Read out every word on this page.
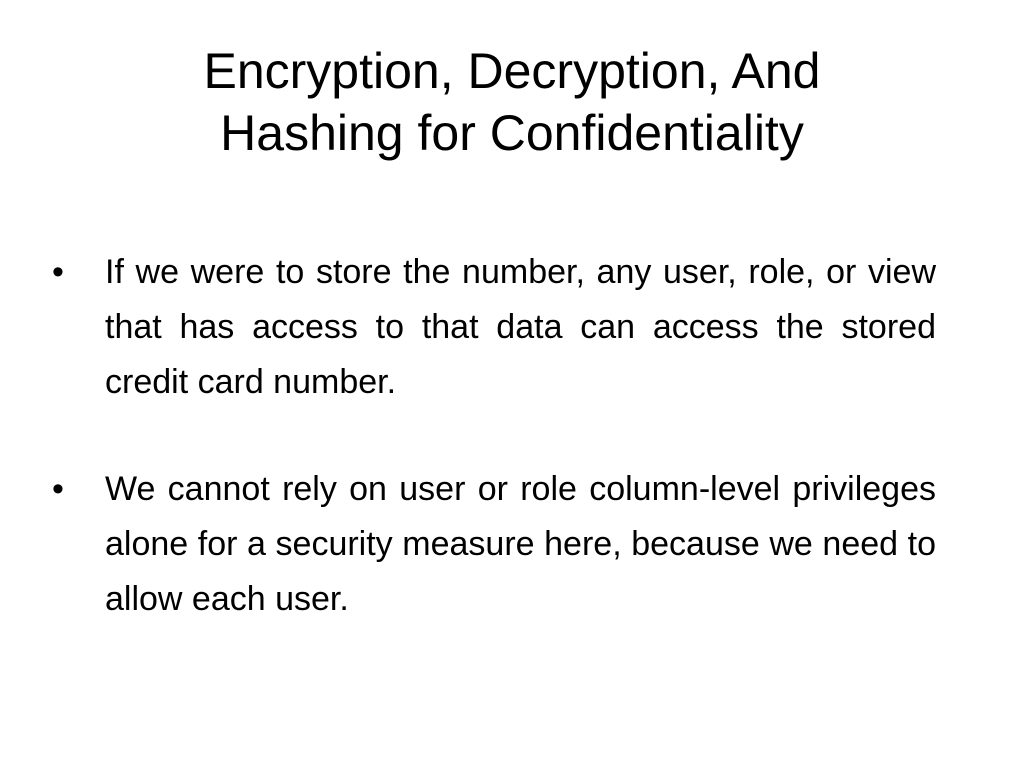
Encryption, Decryption, And
Hashing for Confidentiality
•	If we were to store the number, any user, role, or view that has access to that data can access the stored credit card number.
•	We cannot rely on user or role column-level privileges alone for a security measure here, because we need to allow each user.
